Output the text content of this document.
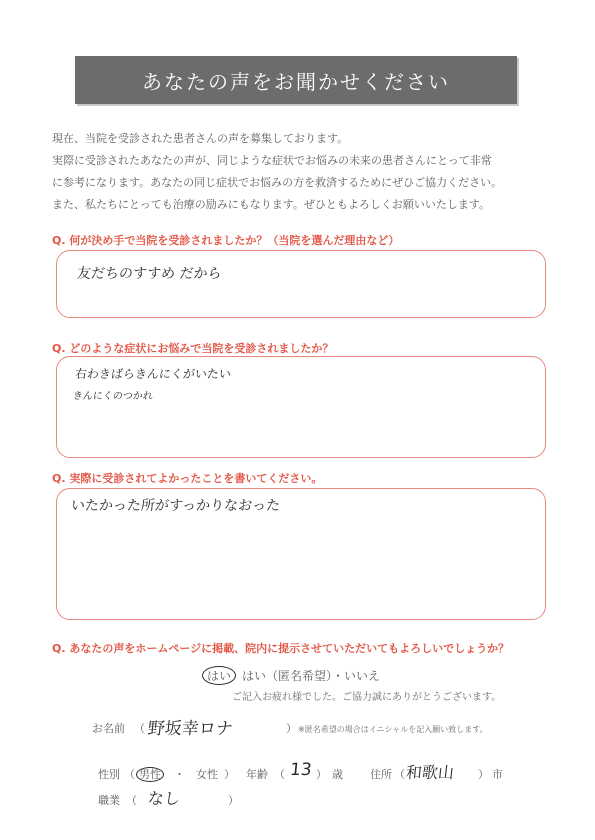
あなたの声をお聞かせください
現在、当院を受診された患者さんの声を募集しております。
実際に受診されたあなたの声が、同じような症状でお悩みの未来の患者さんにとって非常
に参考になります。あなたの同じ症状でお悩みの方を救済するためにぜひご協力ください。
また、私たちにとっても治療の励みにもなります。ぜひともよろしくお願いいたします。
Q. 何が決め手で当院を受診されましたか？（当院を選んだ理由など）
友だちのすすめ だから
Q. どのような症状にお悩みで当院を受診されましたか？
右わきばらきんにくがいたい
きんにくのつかれ
Q. 実際に受診されてよかったことを書いてください。
いたかった所がすっかりなおった
Q. あなたの声をホームページに掲載、院内に提示させていただいてもよろしいでしょうか？
はい はい（匿名希望）・いいえ
ご記入お疲れ様でした。ご協力誠にありがとうございます。
お名前 （ 野坂幸ロナ	） ※匿名希望の場合はイニシャルを記入願い致します。
性別 （ 男性 ・ 女性 ） 年齢 （ 13 ） 歳 住所 （ 和歌山 ） 市
職業 （ なし	）
